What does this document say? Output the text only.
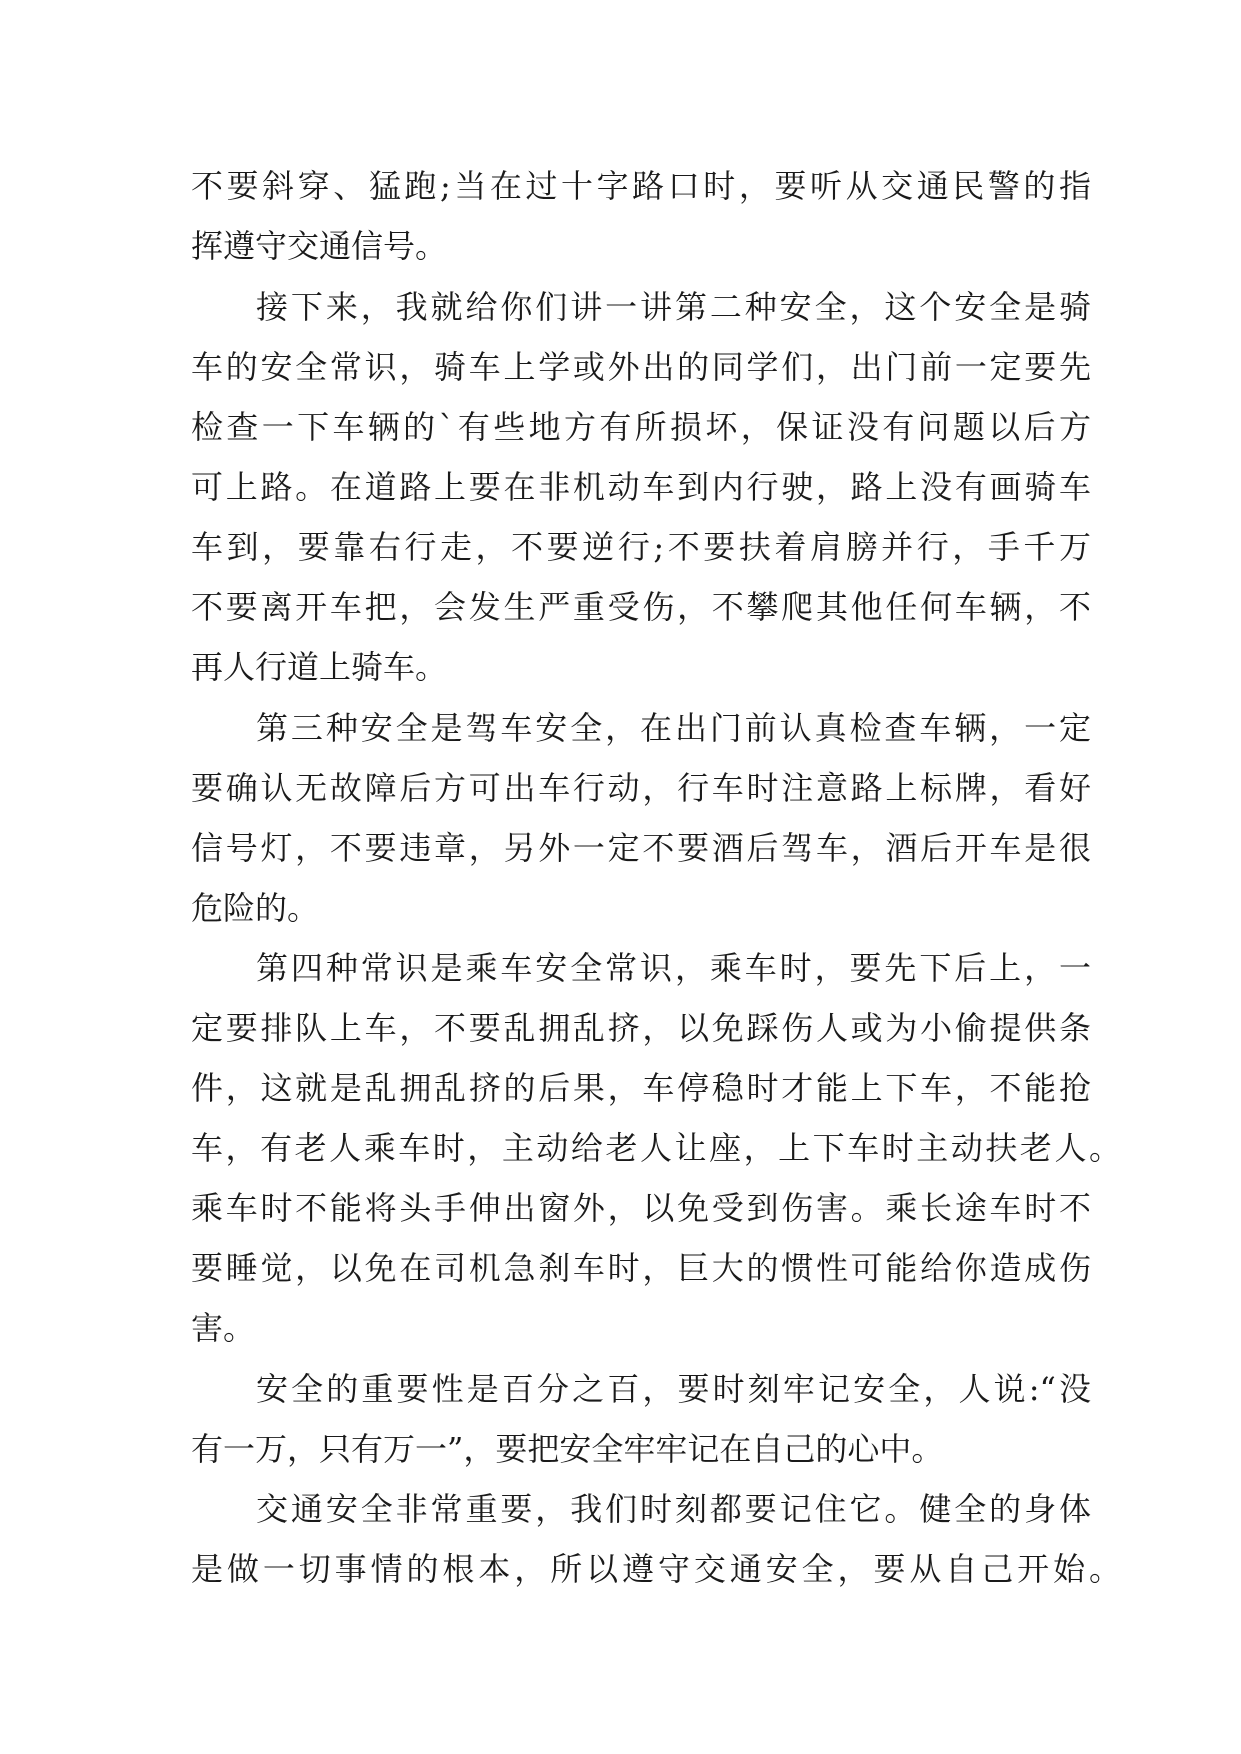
不要斜穿、猛跑;当在过十字路口时，要听从交通民警的指
挥遵守交通信号。
接下来，我就给你们讲一讲第二种安全，这个安全是骑
车的安全常识，骑车上学或外出的同学们，出门前一定要先
检查一下车辆的`有些地方有所损坏，保证没有问题以后方
可上路。在道路上要在非机动车到内行驶，路上没有画骑车
车到，要靠右行走，不要逆行;不要扶着肩膀并行，手千万
不要离开车把，会发生严重受伤，不攀爬其他任何车辆，不
再人行道上骑车。
第三种安全是驾车安全，在出门前认真检查车辆，一定
要确认无故障后方可出车行动，行车时注意路上标牌，看好
信号灯，不要违章，另外一定不要酒后驾车，酒后开车是很
危险的。
第四种常识是乘车安全常识，乘车时，要先下后上，一
定要排队上车，不要乱拥乱挤，以免踩伤人或为小偷提供条
件，这就是乱拥乱挤的后果，车停稳时才能上下车，不能抢
车，有老人乘车时，主动给老人让座，上下车时主动扶老人。
乘车时不能将头手伸出窗外，以免受到伤害。乘长途车时不
要睡觉，以免在司机急刹车时，巨大的惯性可能给你造成伤
害。
安全的重要性是百分之百，要时刻牢记安全，人说:“没
有一万，只有万一”，要把安全牢牢记在自己的心中。
交通安全非常重要，我们时刻都要记住它。健全的身体
是做一切事情的根本，所以遵守交通安全，要从自己开始。
